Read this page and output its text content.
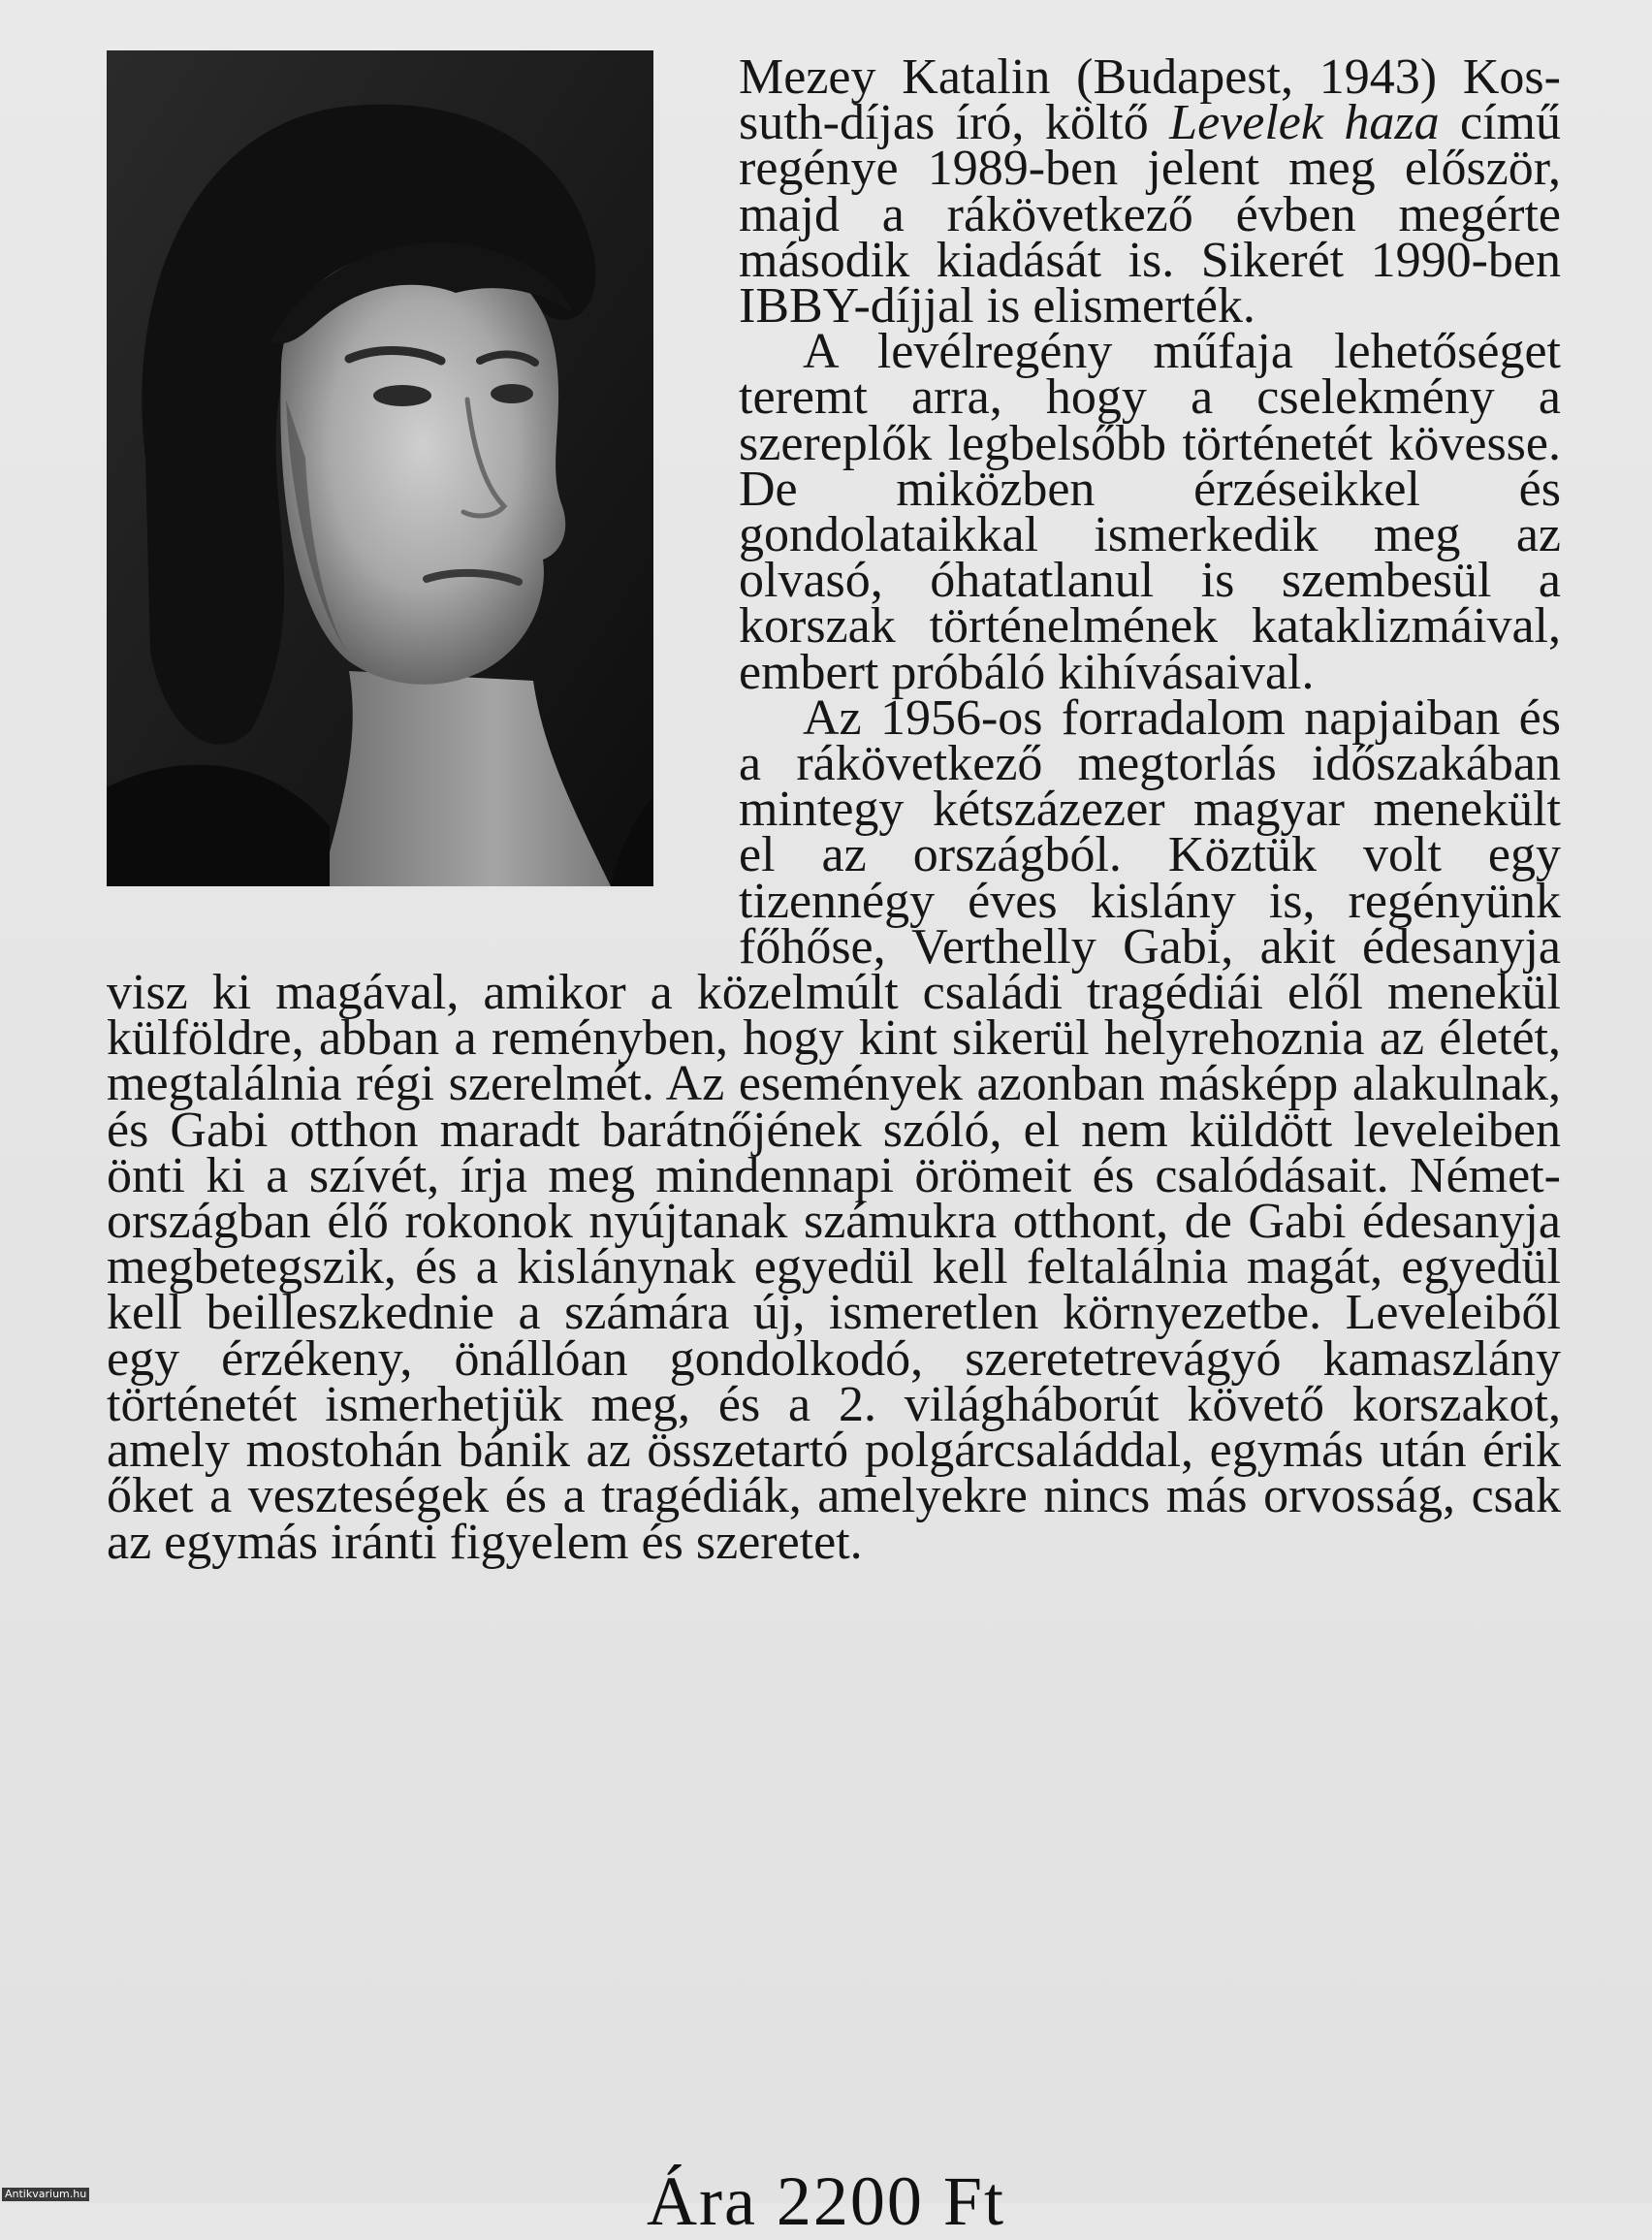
Mezey Katalin (Budapest, 1943) Kossuth-díjas író, költő Levelek haza című regénye 1989-ben jelent meg először, majd a rákövetkező évben megérte második kiadását is. Sikerét 1990-ben IBBY-díjjal is elismerték.

A levélregény műfaja lehetőséget teremt arra, hogy a cselekmény a szereplők legbelsőbb történetét kövesse. De miközben érzéseikkel és gondolataikkal ismerkedik meg az olvasó, óhatatlanul is szembesül a korszak történelmének kataklizmáival, embert próbáló kihívásaival.

Az 1956-os forradalom napjaiban és a rákövetkező megtorlás időszakában mintegy kétszázezer magyar menekült el az országból. Köztük volt egy tizennégy éves kislány is, regényünk főhőse, Verthelly Gabi, akit édesanyja visz ki magával, amikor a közelmúlt családi tragédiái elől menekül külföldre, abban a reményben, hogy kint sikerül helyrehoznia az életét, megtalálnia régi szerelmét. Az események azonban másképp alakulnak, és Gabi otthon maradt barátnőjének szóló, el nem küldött leveleiben önti ki a szívét, írja meg mindennapi örömeit és csalódásait. Németországban élő rokonok nyújtanak számukra otthont, de Gabi édesanyja megbetegszik, és a kislánynak egyedül kell feltalálnia magát, egyedül kell beilleszkednie a számára új, ismeretlen környezetbe. Leveleiből egy érzékeny, önállóan gondolkodó, szeretetrevágyó kamaszlány történetét ismerhetjük meg, és a 2. világháborút követő korszakot, amely mostohán bánik az összetartó polgárcsaláddal, egymás után érik őket a veszteségek és a tragédiák, amelyekre nincs más orvosság, csak az egymás iránti figyelem és szeretet.

Ára 2200 Ft
Antikvarium.hu
